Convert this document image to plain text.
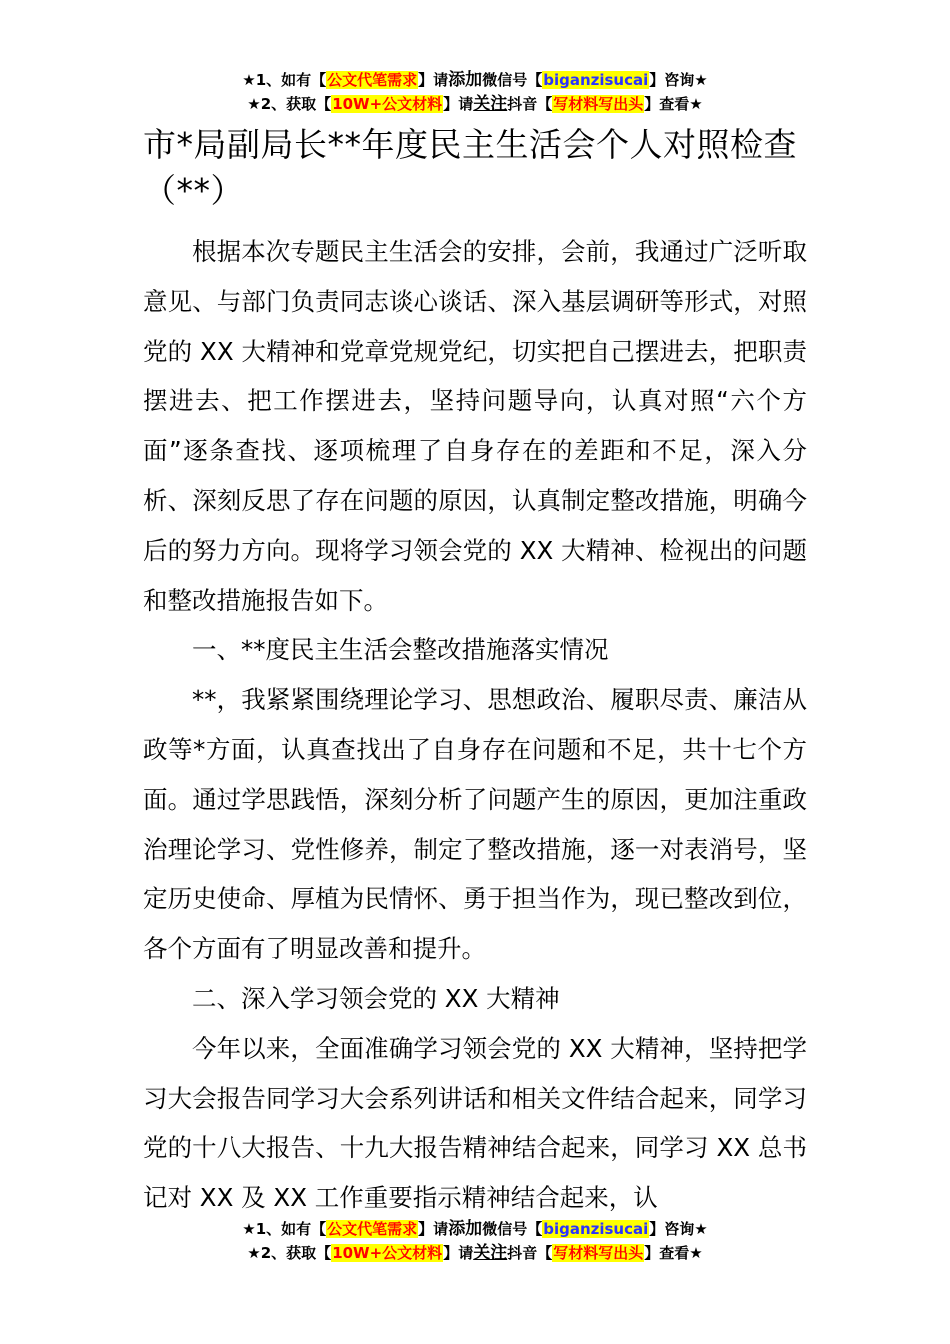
★1、如有【公文代笔需求】请添加微信号【biganzisucai】咨询★
★2、获取【10W+公文材料】请关注抖音【写材料写出头】查看★
市*局副局长**年度民主生活会个人对照检查（**）

根据本次专题民主生活会的安排，会前，我通过广泛听取意见、与部门负责同志谈心谈话、深入基层调研等形式，对照党的 XX 大精神和党章党规党纪，切实把自己摆进去，把职责摆进去、把工作摆进去，坚持问题导向，认真对照“六个方面”逐条查找、逐项梳理了自身存在的差距和不足，深入分析、深刻反思了存在问题的原因，认真制定整改措施，明确今后的努力方向。现将学习领会党的 XX 大精神、检视出的问题和整改措施报告如下。

一、**度民主生活会整改措施落实情况

**，我紧紧围绕理论学习、思想政治、履职尽责、廉洁从政等*方面，认真查找出了自身存在问题和不足，共十七个方面。通过学思践悟，深刻分析了问题产生的原因，更加注重政治理论学习、党性修养，制定了整改措施，逐一对表消号，坚定历史使命、厚植为民情怀、勇于担当作为，现已整改到位，各个方面有了明显改善和提升。

二、深入学习领会党的 XX 大精神

今年以来，全面准确学习领会党的 XX 大精神，坚持把学习大会报告同学习大会系列讲话和相关文件结合起来，同学习党的十八大报告、十九大报告精神结合起来，同学习 XX 总书记对 XX 及 XX 工作重要指示精神结合起来，认

★1、如有【公文代笔需求】请添加微信号【biganzisucai】咨询★
★2、获取【10W+公文材料】请关注抖音【写材料写出头】查看★
